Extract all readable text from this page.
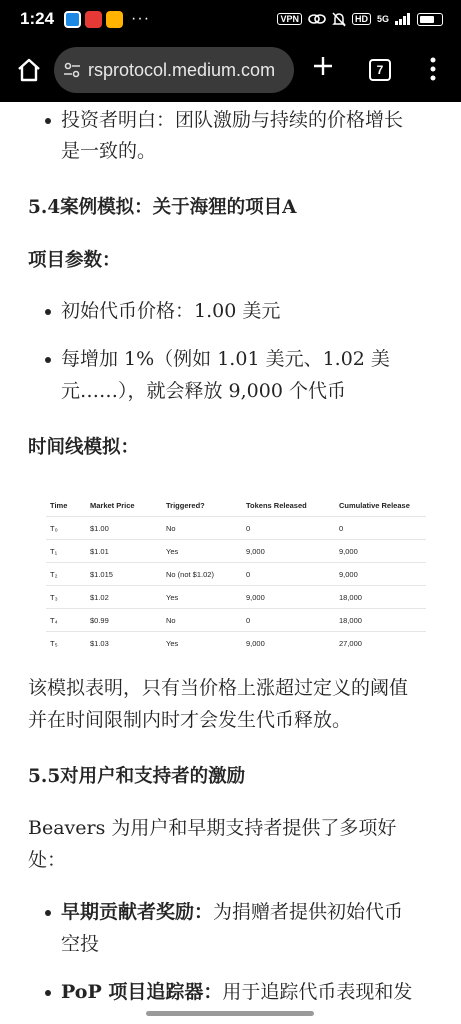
1:24	···	VPN	HD	5G
rsprotocol.medium.com	7
投资者明白：团队激励与持续的价格增长
是一致的。
5.4案例模拟：关于海狸的项目A
项目参数：
初始代币价格：1.00 美元
每增加 1%（例如 1.01 美元、1.02 美
元……），就会释放 9,000 个代币
时间线模拟：
Time	Market Price	Triggered?	Tokens Released	Cumulative Release
T₀	$1.00	No	0	0
T₁	$1.01	Yes	9,000	9,000
T₂	$1.015	No (not $1.02)	0	9,000
T₃	$1.02	Yes	9,000	18,000
T₄	$0.99	No	0	18,000
T₅	$1.03	Yes	9,000	27,000
该模拟表明，只有当价格上涨超过定义的阈值
并在时间限制内时才会发生代币释放。
5.5对用户和支持者的激励
Beavers 为用户和早期支持者提供了多项好
处：
早期贡献者奖励：为捐赠者提供初始代币
空投
PoP 项目追踪器：用于追踪代币表现和发
